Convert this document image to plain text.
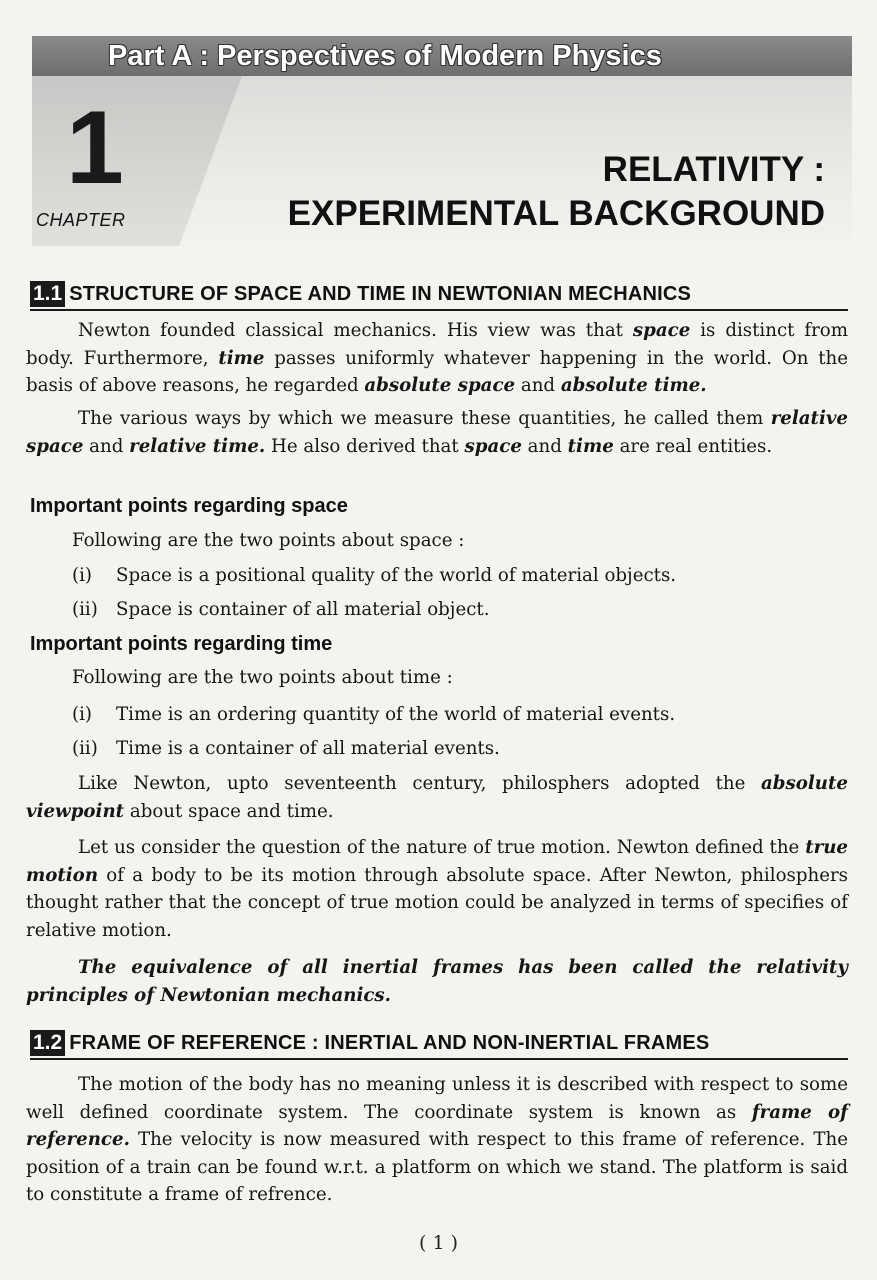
Part A : Perspectives of Modern Physics
1
CHAPTER
RELATIVITY :
EXPERIMENTAL BACKGROUND
1.1 STRUCTURE OF SPACE AND TIME IN NEWTONIAN MECHANICS

Newton founded classical mechanics. His view was that space is distinct from body. Furthermore, time passes uniformly whatever happening in the world. On the basis of above reasons, he regarded absolute space and absolute time.

The various ways by which we measure these quantities, he called them relative space and relative time. He also derived that space and time are real entities.

Important points regarding space
Following are the two points about space :
(i) Space is a positional quality of the world of material objects.
(ii) Space is container of all material object.
Important points regarding time
Following are the two points about time :
(i) Time is an ordering quantity of the world of material events.
(ii) Time is a container of all material events.

Like Newton, upto seventeenth century, philosphers adopted the absolute viewpoint about space and time.

Let us consider the question of the nature of true motion. Newton defined the true motion of a body to be its motion through absolute space. After Newton, philosphers thought rather that the concept of true motion could be analyzed in terms of specifies of relative motion.

The equivalence of all inertial frames has been called the relativity principles of Newtonian mechanics.

1.2 FRAME OF REFERENCE : INERTIAL AND NON-INERTIAL FRAMES

The motion of the body has no meaning unless it is described with respect to some well defined coordinate system. The coordinate system is known as frame of reference. The velocity is now measured with respect to this frame of reference. The position of a train can be found w.r.t. a platform on which we stand. The platform is said to constitute a frame of refrence.

( 1 )
